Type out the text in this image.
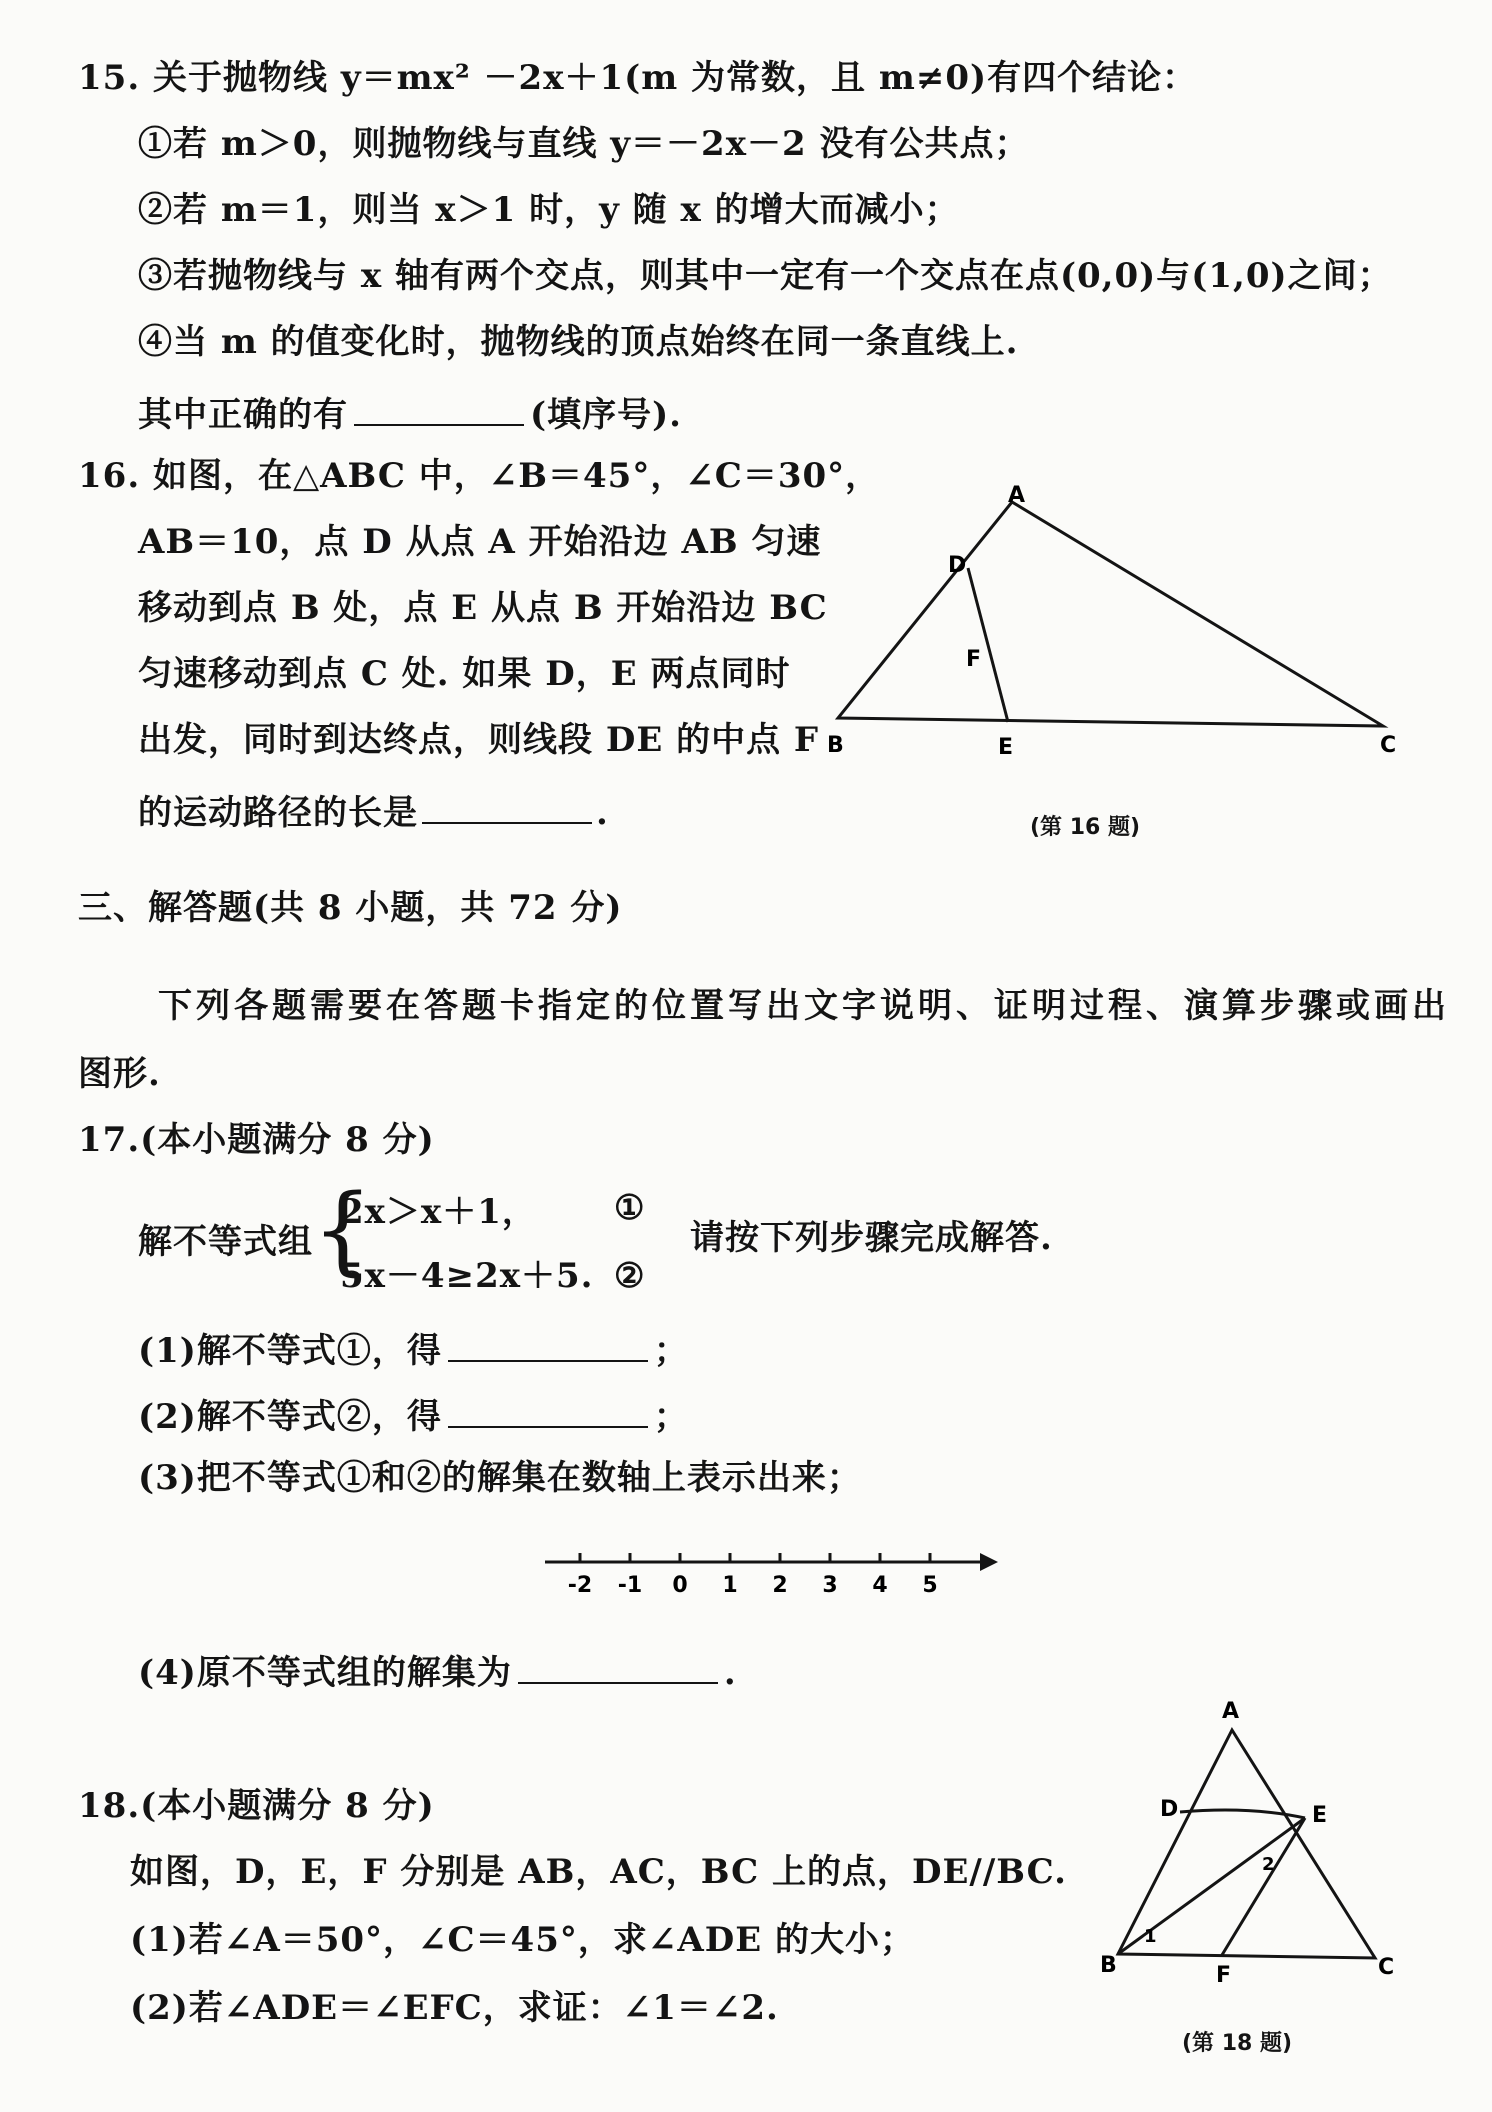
15. 关于抛物线 y＝mx² －2x＋1(m 为常数，且 m≠0)有四个结论：
①若 m＞0，则抛物线与直线 y＝－2x－2 没有公共点；
②若 m＝1，则当 x＞1 时，y 随 x 的增大而减小；
③若抛物线与 x 轴有两个交点，则其中一定有一个交点在点(0,0)与(1,0)之间；
④当 m 的值变化时，抛物线的顶点始终在同一条直线上.
其中正确的有	(填序号).
16. 如图，在△ABC 中，∠B＝45°，∠C＝30°，
AB＝10，点 D 从点 A 开始沿边 AB 匀速
移动到点 B 处，点 E 从点 B 开始沿边 BC
匀速移动到点 C 处. 如果 D，E 两点同时
出发，同时到达终点，则线段 DE 的中点 F
的运动路径的长是	.
A
D
F
B	E	C
(第 16 题)
三、解答题(共 8 小题，共 72 分)
下列各题需要在答题卡指定的位置写出文字说明、证明过程、演算步骤或画出
图形.
17.(本小题满分 8 分)
解不等式组 {
2x＞x＋1，
5x－4≥2x＋5.
①
②
请按下列步骤完成解答.
(1)解不等式①，得	；
(2)解不等式②，得	；
(3)把不等式①和②的解集在数轴上表示出来；
-2 -1 0 1 2 3 4 5
(4)原不等式组的解集为	.
18.(本小题满分 8 分)
如图，D，E，F 分别是 AB，AC，BC 上的点，DE//BC.
(1)若∠A＝50°，∠C＝45°，求∠ADE 的大小；
(2)若∠ADE＝∠EFC，求证：∠1＝∠2.
A
D	E
B	F	C
1
2
(第 18 题)
